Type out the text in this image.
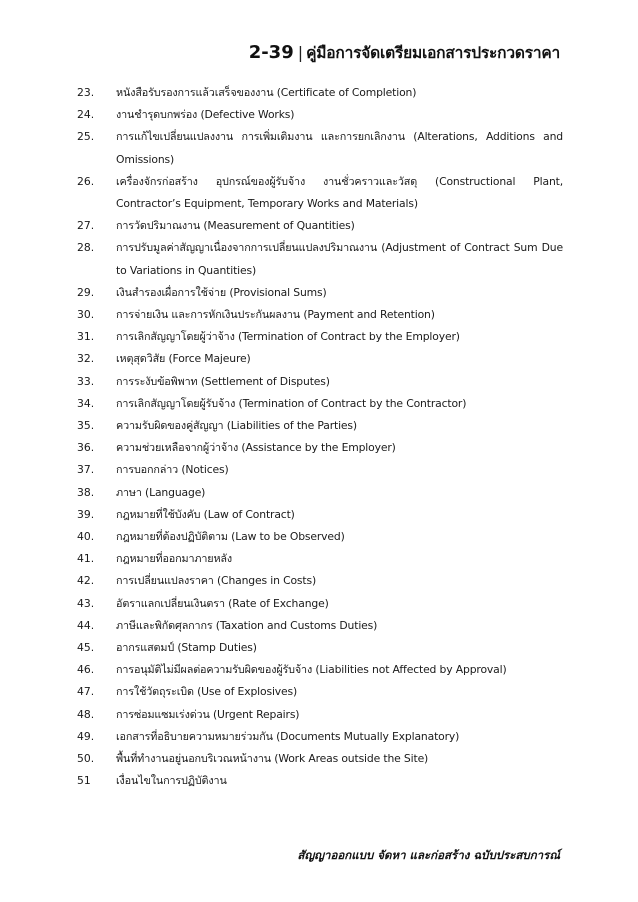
2-39 | คู่มือการจัดเตรียมเอกสารประกวดราคา
23.	หนังสือรับรองการแล้วเสร็จของงาน (Certificate of Completion)
24.	งานชำรุดบกพร่อง (Defective Works)
25.	การแก้ไขเปลี่ยนแปลงงาน การเพิ่มเติมงาน และการยกเลิกงาน (Alterations, Additions and Omissions)
26.	เครื่องจักรก่อสร้าง อุปกรณ์ของผู้รับจ้าง งานชั่วคราวและวัสดุ (Constructional Plant, Contractor’s Equipment, Temporary Works and Materials)
27.	การวัดปริมาณงาน (Measurement of Quantities)
28.	การปรับมูลค่าสัญญาเนื่องจากการเปลี่ยนแปลงปริมาณงาน (Adjustment of Contract Sum Due to Variations in Quantities)
29.	เงินสำรองเผื่อการใช้จ่าย (Provisional Sums)
30.	การจ่ายเงิน และการหักเงินประกันผลงาน (Payment and Retention)
31.	การเลิกสัญญาโดยผู้ว่าจ้าง (Termination of Contract by the Employer)
32.	เหตุสุดวิสัย (Force Majeure)
33.	การระงับข้อพิพาท (Settlement of Disputes)
34.	การเลิกสัญญาโดยผู้รับจ้าง (Termination of Contract by the Contractor)
35.	ความรับผิดของคู่สัญญา (Liabilities of the Parties)
36.	ความช่วยเหลือจากผู้ว่าจ้าง (Assistance by the Employer)
37.	การบอกกล่าว (Notices)
38.	ภาษา (Language)
39.	กฎหมายที่ใช้บังคับ (Law of Contract)
40.	กฎหมายที่ต้องปฏิบัติตาม (Law to be Observed)
41.	กฎหมายที่ออกมาภายหลัง
42.	การเปลี่ยนแปลงราคา (Changes in Costs)
43.	อัตราแลกเปลี่ยนเงินตรา (Rate of Exchange)
44.	ภาษีและพิกัดศุลกากร (Taxation and Customs Duties)
45.	อากรแสตมป์ (Stamp Duties)
46.	การอนุมัติไม่มีผลต่อความรับผิดของผู้รับจ้าง (Liabilities not Affected by Approval)
47.	การใช้วัตถุระเบิด (Use of Explosives)
48.	การซ่อมแซมเร่งด่วน (Urgent Repairs)
49.	เอกสารที่อธิบายความหมายร่วมกัน (Documents Mutually Explanatory)
50.	พื้นที่ทำงานอยู่นอกบริเวณหน้างาน (Work Areas outside the Site)
51	เงื่อนไขในการปฏิบัติงาน
สัญญาออกแบบ จัดหา และก่อสร้าง ฉบับประสบการณ์
